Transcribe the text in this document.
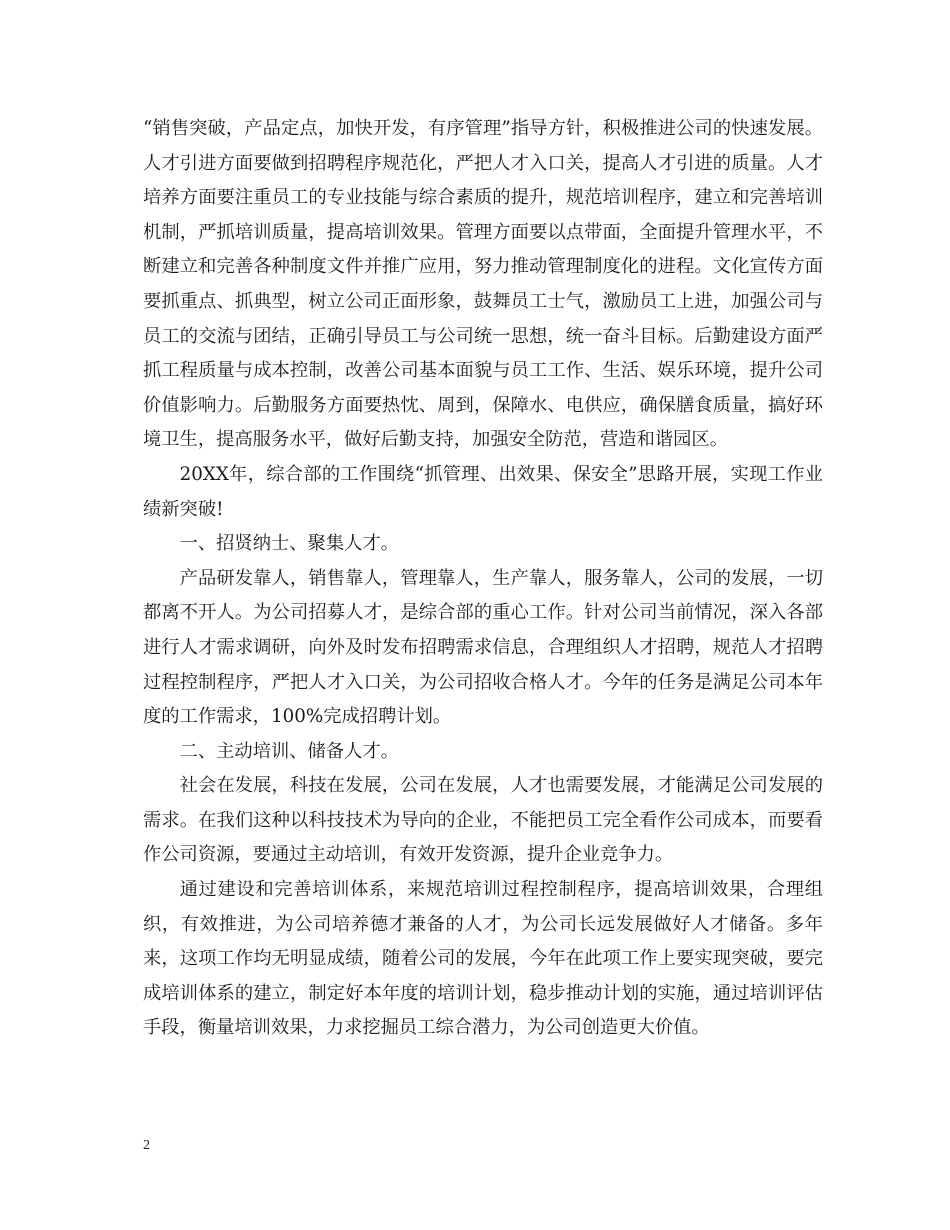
“销售突破，产品定点，加快开发，有序管理”指导方针，积极推进公司的快速发展。人才引进方面要做到招聘程序规范化，严把人才入口关，提高人才引进的质量。人才培养方面要注重员工的专业技能与综合素质的提升，规范培训程序，建立和完善培训机制，严抓培训质量，提高培训效果。管理方面要以点带面，全面提升管理水平，不断建立和完善各种制度文件并推广应用，努力推动管理制度化的进程。文化宣传方面要抓重点、抓典型，树立公司正面形象，鼓舞员工士气，激励员工上进，加强公司与员工的交流与团结，正确引导员工与公司统一思想，统一奋斗目标。后勤建设方面严抓工程质量与成本控制，改善公司基本面貌与员工工作、生活、娱乐环境，提升公司价值影响力。后勤服务方面要热忱、周到，保障水、电供应，确保膳食质量，搞好环境卫生，提高服务水平，做好后勤支持，加强安全防范，营造和谐园区。

20XX年，综合部的工作围绕“抓管理、出效果、保安全”思路开展，实现工作业绩新突破!

一、招贤纳士、聚集人才。

产品研发靠人，销售靠人，管理靠人，生产靠人，服务靠人，公司的发展，一切都离不开人。为公司招募人才，是综合部的重心工作。针对公司当前情况，深入各部进行人才需求调研，向外及时发布招聘需求信息，合理组织人才招聘，规范人才招聘过程控制程序，严把人才入口关，为公司招收合格人才。今年的任务是满足公司本年度的工作需求，100%完成招聘计划。

二、主动培训、储备人才。

社会在发展，科技在发展，公司在发展，人才也需要发展，才能满足公司发展的需求。在我们这种以科技技术为导向的企业，不能把员工完全看作公司成本，而要看作公司资源，要通过主动培训，有效开发资源，提升企业竞争力。

通过建设和完善培训体系，来规范培训过程控制程序，提高培训效果，合理组织，有效推进，为公司培养德才兼备的人才，为公司长远发展做好人才储备。多年来，这项工作均无明显成绩，随着公司的发展，今年在此项工作上要实现突破，要完成培训体系的建立，制定好本年度的培训计划，稳步推动计划的实施，通过培训评估手段，衡量培训效果，力求挖掘员工综合潜力，为公司创造更大价值。

2
